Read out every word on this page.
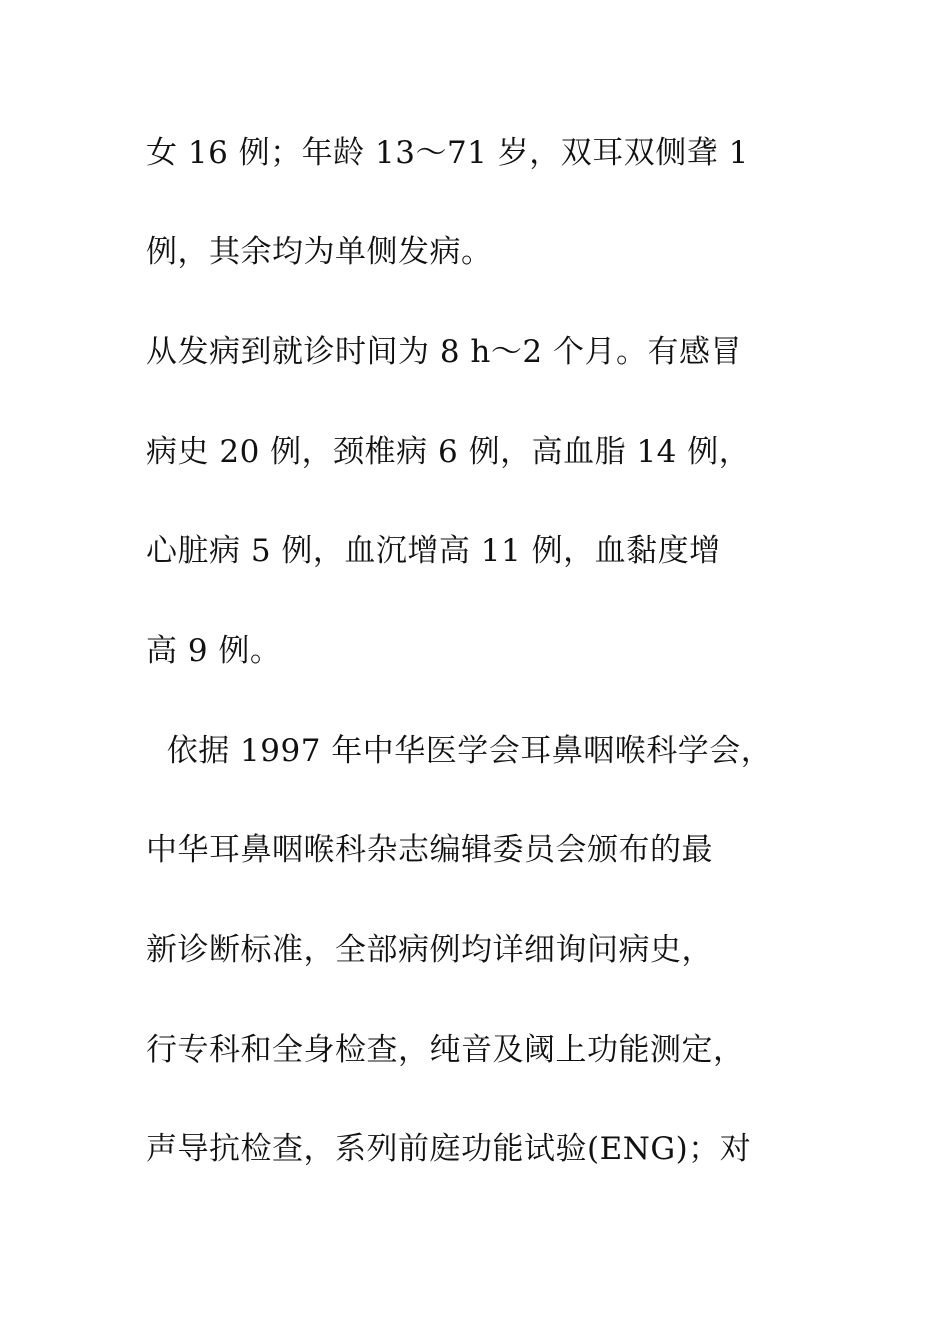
女 16 例；年龄 13～71 岁，双耳双侧聋 1
例，其余均为单侧发病。
从发病到就诊时间为 8 h～2 个月。有感冒
病史 20 例，颈椎病 6 例，高血脂 14 例，
心脏病 5 例，血沉增高 11 例，血黏度增
高 9 例。
依据 1997 年中华医学会耳鼻咽喉科学会，
中华耳鼻咽喉科杂志编辑委员会颁布的最
新诊断标准，全部病例均详细询问病史，
行专科和全身检查，纯音及阈上功能测定，
声导抗检查，系列前庭功能试验(ENG)；对
